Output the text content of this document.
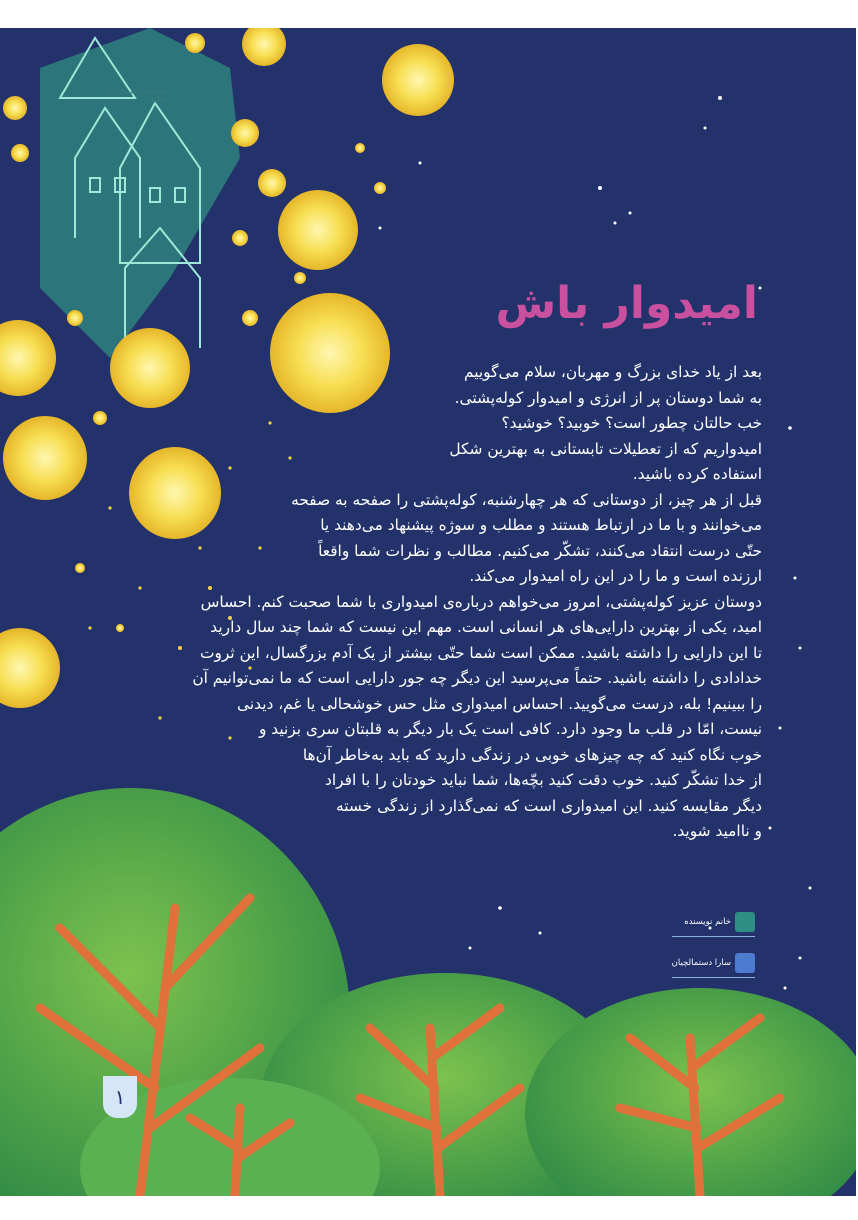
چهارشنبه ۶ شهریور ۱۳۹۸
شماره ۱
امیدوار باش
بعد از یاد خدای بزرگ و مهربان، سلام می‌گوییم
به شما دوستان پر از انرژی و امیدوار کوله‌پشتی.
خب حالتان چطور است؟ خوبید؟ خوشید؟
امیدواریم که از تعطیلات تابستانی به بهترین شکل
استفاده کرده باشید.
قبل از هر چیز، از دوستانی که هر چهارشنبه، کوله‌پشتی را صفحه به صفحه
می‌خوانند و با ما در ارتباط هستند و مطلب و سوژه پیشنهاد می‌دهند یا
حتّی درست انتقاد می‌کنند، تشکّر می‌کنیم. مطالب و نظرات شما واقعاً
ارزنده است و ما را در این راه امیدوار می‌کند.
دوستان عزیز کوله‌پشتی، امروز می‌خواهم درباره‌ی امیدواری با شما صحبت کنم. احساس
امید، یکی از بهترین دارایی‌های هر انسانی است. مهم این نیست که شما چند سال دارید
تا این دارایی را داشته باشید. ممکن است شما حتّی بیشتر از یک آدم بزرگسال، این ثروت
خدادادی را داشته باشید. حتماً می‌پرسید این دیگر چه جور دارایی است که ما نمی‌توانیم آن
را ببینیم! بله، درست می‌گویید. احساس امیدواری مثل حس خوشحالی یا غم، دیدنی
نیست، امّا در قلب ما وجود دارد. کافی است یک بار دیگر به قلبتان سری بزنید و
خوب نگاه کنید که چه چیزهای خوبی در زندگی دارید که باید به‌خاطر آن‌ها
از خدا تشکّر کنید. خوب دقت کنید بچّه‌ها، شما نباید خودتان را با افراد
دیگر مقایسه کنید. این امیدواری است که نمی‌گذارد از زندگی خسته
و ناامید شوید.
خانم نویسنده
سارا دستمالچیان
۱
